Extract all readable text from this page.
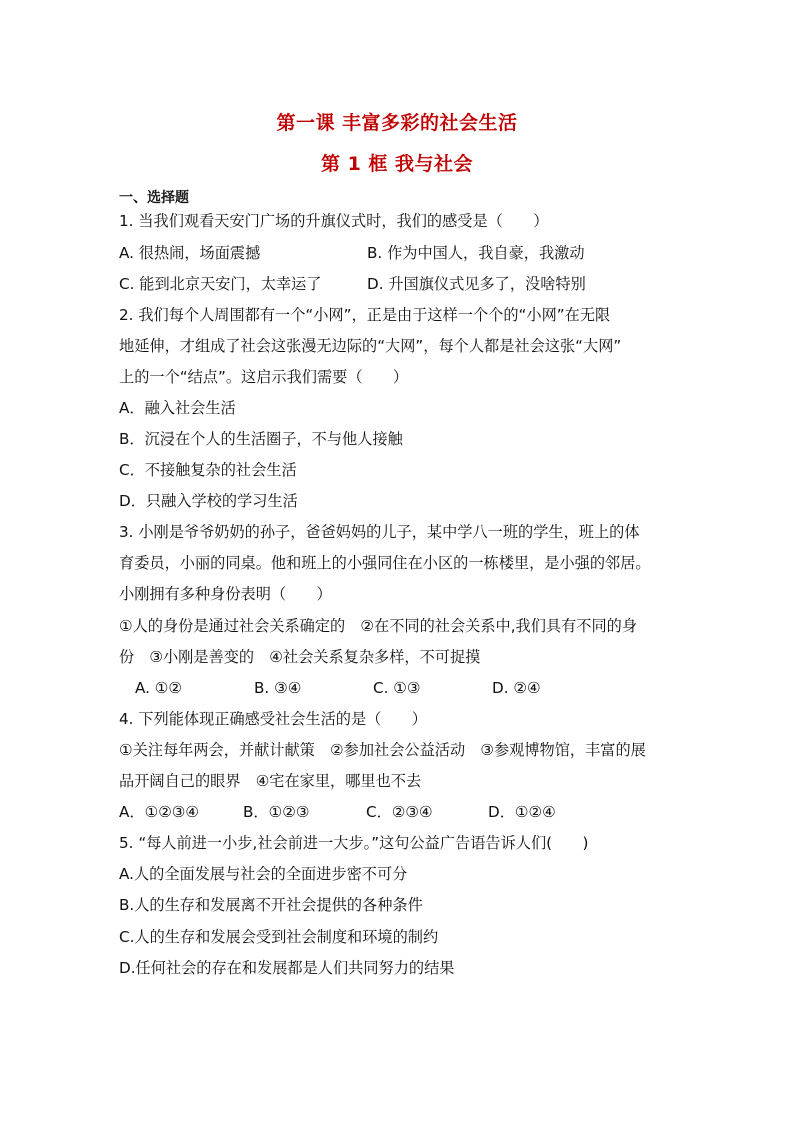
第一课 丰富多彩的社会生活
第 1 框 我与社会
一、选择题
1. 当我们观看天安门广场的升旗仪式时，我们的感受是（　　）
A. 很热闹，场面震撼	B. 作为中国人，我自豪，我激动
C. 能到北京天安门，太幸运了	D. 升国旗仪式见多了，没啥特别
2. 我们每个人周围都有一个“小网”，正是由于这样一个个的“小网”在无限
地延伸，才组成了社会这张漫无边际的“大网”，每个人都是社会这张“大网”
上的一个“结点”。这启示我们需要（　　）
A．融入社会生活
B．沉浸在个人的生活圈子，不与他人接触
C．不接触复杂的社会生活
D．只融入学校的学习生活
3. 小刚是爷爷奶奶的孙子，爸爸妈妈的儿子，某中学八一班的学生，班上的体
育委员，小丽的同桌。他和班上的小强同住在小区的一栋楼里，是小强的邻居。
小刚拥有多种身份表明（　　）
①人的身份是通过社会关系确定的　②在不同的社会关系中,我们具有不同的身
份　③小刚是善变的　④社会关系复杂多样，不可捉摸
A. ①②	B. ③④	C. ①③	D. ②④
4. 下列能体现正确感受社会生活的是（　　）
①关注每年两会，并献计献策　②参加社会公益活动　③参观博物馆，丰富的展
品开阔自己的眼界　④宅在家里，哪里也不去
A．①②③④	B．①②③	C．②③④	D．①②④
5. “每人前进一小步,社会前进一大步。”这句公益广告语告诉人们(　　)
A.人的全面发展与社会的全面进步密不可分
B.人的生存和发展离不开社会提供的各种条件
C.人的生存和发展会受到社会制度和环境的制约
D.任何社会的存在和发展都是人们共同努力的结果
